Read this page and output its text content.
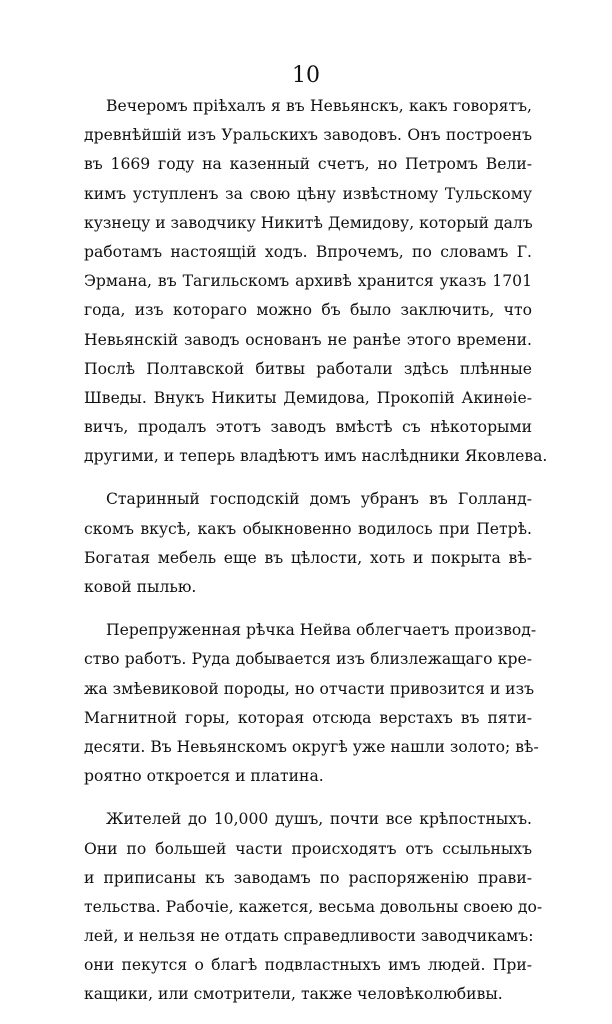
10
Вечеромъ пріѣхалъ я въ Невьянскъ, какъ говорятъ,
древнѣйшій изъ Уральскихъ заводовъ. Онъ построенъ
въ 1669 году на казенный счетъ, но Петромъ Вели-
кимъ уступленъ за свою цѣну извѣстному Тульскому
кузнецу и заводчику Никитѣ Демидову, который далъ
работамъ настоящій ходъ. Впрочемъ, по словамъ Г.
Эрмана, въ Тагильскомъ архивѣ хранится указъ 1701
года, изъ котораго можно бъ было заключить, что
Невьянскій заводъ основанъ не ранѣе этого времени.
Послѣ Полтавской битвы работали здѣсь плѣнные
Шведы. Внукъ Никиты Демидова, Прокопій Акинѳіе-
вичъ, продалъ этотъ заводъ вмѣстѣ съ нѣкоторыми
другими, и теперь владѣютъ имъ наслѣдники Яковлева.
Старинный господскій домъ убранъ въ Голланд-
скомъ вкусѣ, какъ обыкновенно водилось при Петрѣ.
Богатая мебель еще въ цѣлости, хоть и покрыта вѣ-
ковой пылью.
Перепруженная рѣчка Нейва облегчаетъ производ-
ство работъ. Руда добывается изъ близлежащаго кре-
жа змѣевиковой породы, но отчасти привозится и изъ
Магнитной горы, которая отсюда верстахъ въ пяти-
десяти. Въ Невьянскомъ округѣ уже нашли золото; вѣ-
роятно откроется и платина.
Жителей до 10,000 душъ, почти все крѣпостныхъ.
Они по большей части происходятъ отъ ссыльныхъ
и приписаны къ заводамъ по распоряженію прави-
тельства. Рабочіе, кажется, весьма довольны своею до-
лей, и нельзя не отдать справедливости заводчикамъ:
они пекутся о благѣ подвластныхъ имъ людей. При-
кащики, или смотрители, также человѣколюбивы.
